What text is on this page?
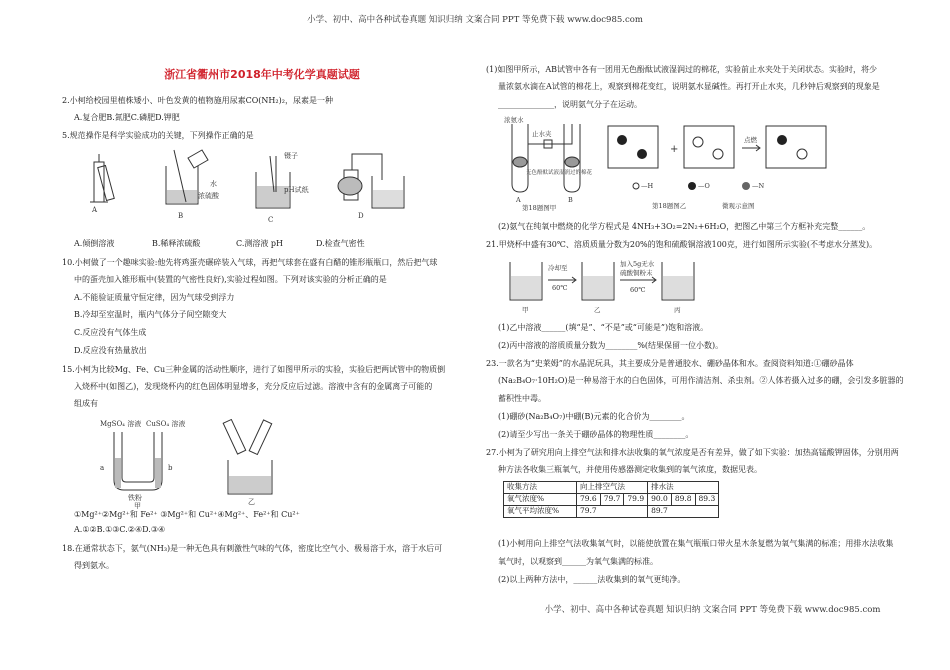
小学、初中、高中各种试卷真题 知识归纳 文案合同 PPT 等免费下载 www.doc985.com
小学、初中、高中各种试卷真题 知识归纳 文案合同 PPT 等免费下载 www.doc985.com
浙江省衢州市2018年中考化学真题试题
2.小柯给校园里植株矮小、叶色发黄的植物施用尿素CO(NH₂)₂，尿素是一种
A.复合肥B.氮肥C.磷肥D.钾肥
5.规范操作是科学实验成功的关键，下列操作正确的是
A
B	C	D
水
浓硫酸
镊子
pH试纸
A.倾倒溶液	B.稀释浓硫酸	C.测溶液 pH	D.检查气密性
10.小柯做了一个趣味实验:他先将鸡蛋壳碾碎装入气球，再把气球套在盛有白醋的锥形瓶瓶口，然后把气球
中的蛋壳加入锥形瓶中(装置的气密性良好),实验过程如图。下列对该实验的分析正确的是
A.不能验证质量守恒定律，因为气球受到浮力
B.冷却至室温时，瓶内气体分子间空隙变大
C.反应没有气体生成
D.反应没有热量放出
15.小柯为比较Mg、Fe、Cu三种金属的活动性顺序，进行了如图甲所示的实验，实验后把两试管中的物质倒
入烧杯中(如图乙)，发现烧杯内的红色固体明显增多，充分反应后过滤。溶液中含有的金属离子可能的
组成有
MgSO₄ 溶液 CuSO₄ 溶液
a	b
铁粉
甲	乙
①Mg²⁺②Mg²⁺和 Fe²⁺ ③Mg²⁺和 Cu²⁺④Mg²⁺、Fe²⁺和 Cu²⁺
A.①②B.①③C.②④D.③④
18.在通常状态下，氨气(NH₃)是一种无色具有刺激性气味的气体，密度比空气小、极易溶于水，溶于水后可
得到氨水。
(1)如图甲所示，AB试管中各有一团用无色酚酞试液湿润过的棉花，实验前止水夹处于关闭状态。实验时，将少
量浓氨水滴在A试管的棉花上，观察到棉花变红，说明氨水显碱性。再打开止水夹，几秒钟后观察到的现象是
______________，说明氨气分子在运动。
+
浓氨水
止水夹
A	B
无色酚酞试液湿润过的棉花
点燃
第18题图甲	第18题图乙	微观示意图
—H	—O	—N
(2)氨气在纯氧中燃烧的化学方程式是 4NH₃+3O₂=2N₂+6H₂O，把图乙中第三个方框补充完整______。
21.甲烧杯中盛有30℃、溶质质量分数为20%的饱和硫酸铜溶液100克，进行如图所示实验(不考虑水分蒸发)。
冷却至
60℃
加入5g无水
硫酸铜粉末
60℃
甲	乙	丙
(1)乙中溶液______(填“是”、“不是”或“可能是”)饱和溶液。
(2)丙中溶液的溶质质量分数为________%(结果保留一位小数)。
23.一款名为“史莱姆”的水晶泥玩具，其主要成分是普通胶水、硼砂晶体和水。查阅资料知道:①硼砂晶体
(Na₂B₄O₇·10H₂O)是一种易溶于水的白色固体，可用作清洁剂、杀虫剂。②人体若摄入过多的硼，会引发多脏器的
蓄积性中毒。
(1)硼砂(Na₂B₄O₇)中硼(B)元素的化合价为________。
(2)请至少写出一条关于硼砂晶体的物理性质________。
27.小柯为了研究用向上排空气法和排水法收集的氧气浓度是否有差异，做了如下实验：加热高锰酸钾固体，分别用两
种方法各收集三瓶氧气，并使用传感器测定收集到的氧气浓度，数据见表。
收集方法	向上排空气法			排水法		
氧气浓度%	79.6	79.7	79.9	90.0	89.8	89.3
氧气平均浓度%	79.7			89.7		
(1)小柯用向上排空气法收集氧气时，以能使放置在集气瓶瓶口带火星木条复燃为氧气集满的标准；用排水法收集
氧气时，以观察到______为氧气集满的标准。
(2)以上两种方法中，______法收集到的氧气更纯净。
